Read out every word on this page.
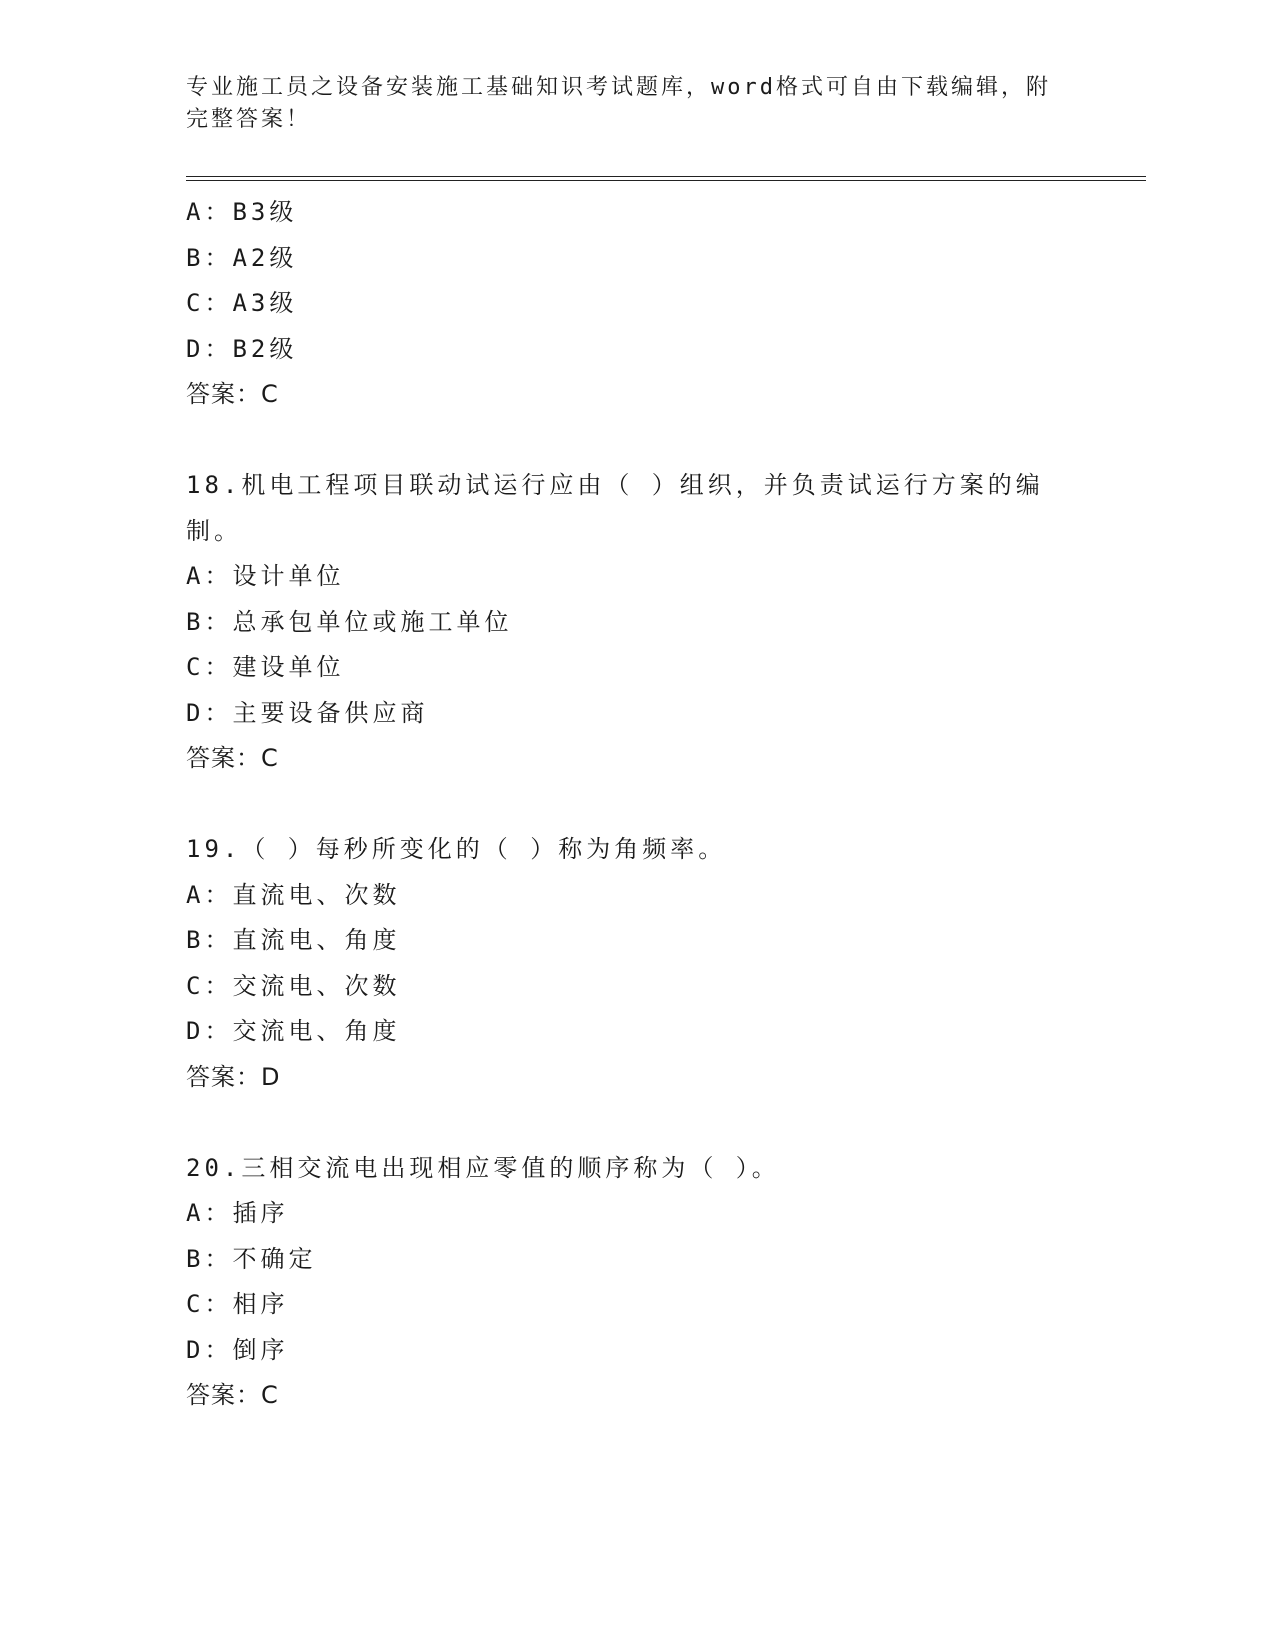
专业施工员之设备安装施工基础知识考试题库，word格式可自由下载编辑，附完整答案！
A：B3级
B：A2级
C：A3级
D：B2级
答案：C
18.机电工程项目联动试运行应由（ ）组织，并负责试运行方案的编
制。
A：设计单位
B：总承包单位或施工单位
C：建设单位
D：主要设备供应商
答案：C
19.（ ）每秒所变化的（ ）称为角频率。
A：直流电、次数
B：直流电、角度
C：交流电、次数
D：交流电、角度
答案：D
20.三相交流电出现相应零值的顺序称为（ ）。
A：插序
B：不确定
C：相序
D：倒序
答案：C
